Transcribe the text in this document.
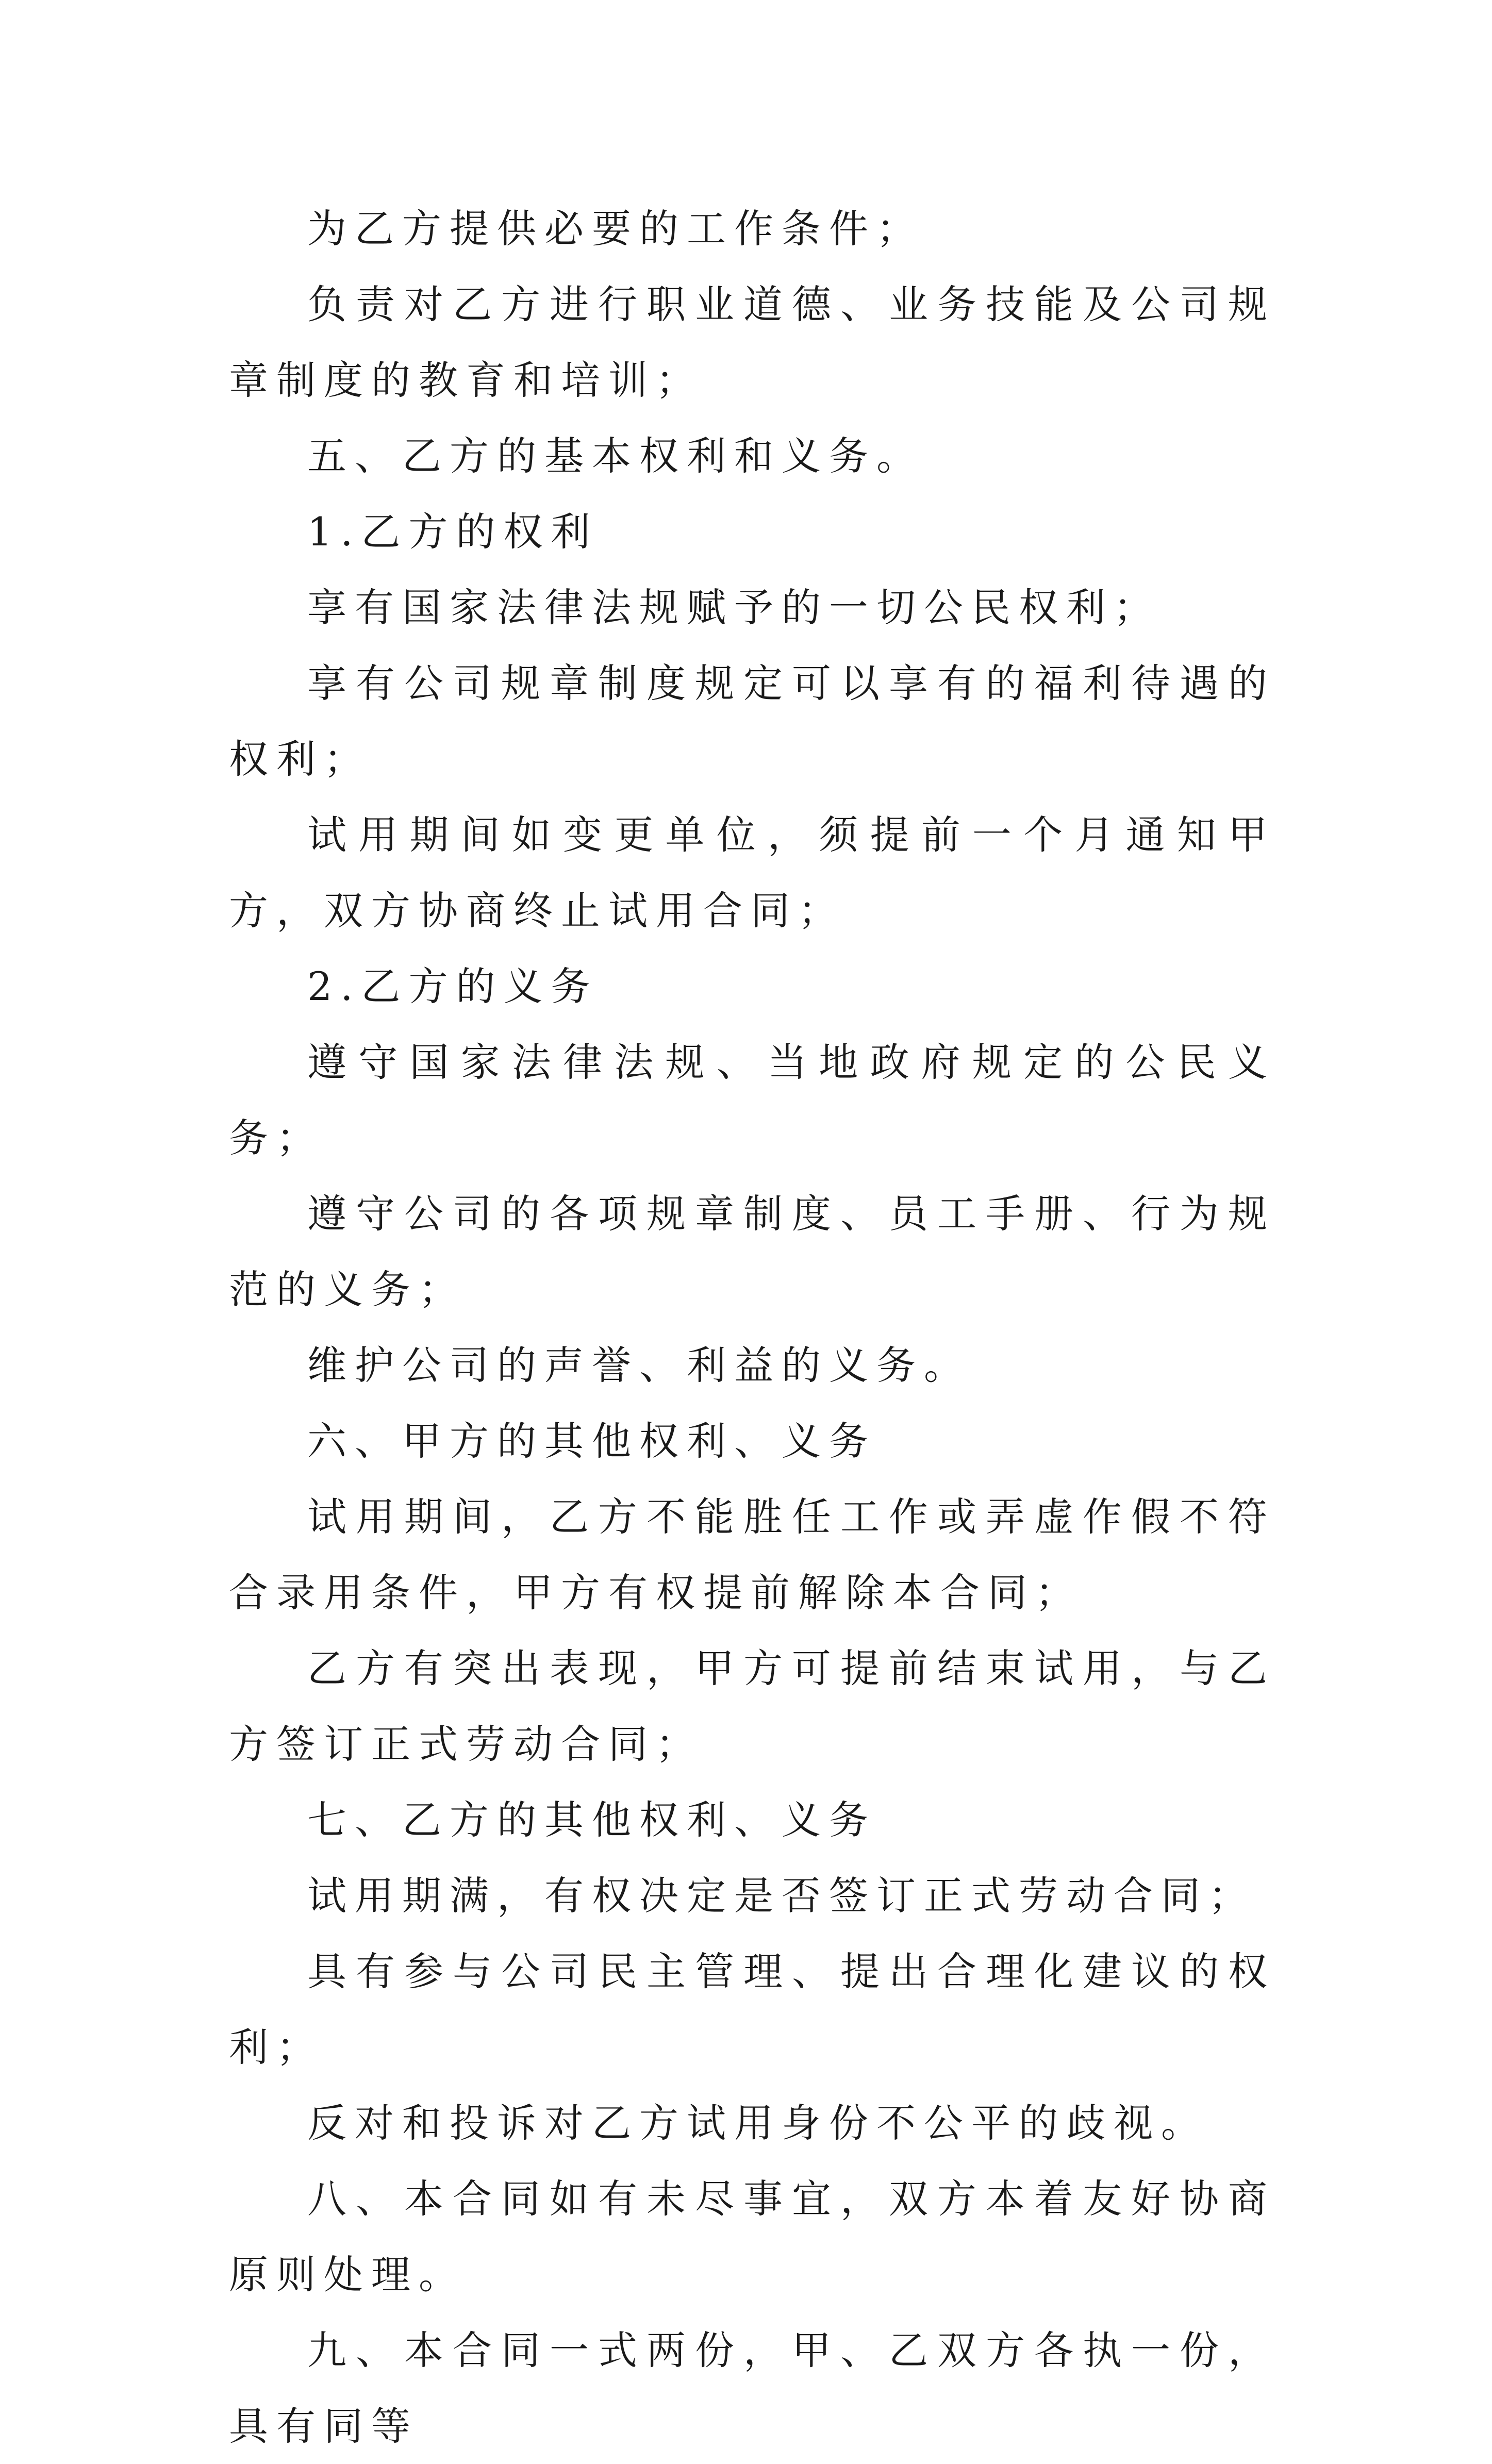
为乙方提供必要的工作条件；

负责对乙方进行职业道德、业务技能及公司规章制度的教育和培训；

五、乙方的基本权利和义务。

1.乙方的权利

享有国家法律法规赋予的一切公民权利；

享有公司规章制度规定可以享有的福利待遇的权利；

试用期间如变更单位，须提前一个月通知甲方，双方协商终止试用合同；

2.乙方的义务

遵守国家法律法规、当地政府规定的公民义务；

遵守公司的各项规章制度、员工手册、行为规范的义务；

维护公司的声誉、利益的义务。

六、甲方的其他权利、义务

试用期间，乙方不能胜任工作或弄虚作假不符合录用条件，甲方有权提前解除本合同；

乙方有突出表现，甲方可提前结束试用，与乙方签订正式劳动合同；

七、乙方的其他权利、义务

试用期满，有权决定是否签订正式劳动合同；

具有参与公司民主管理、提出合理化建议的权利；

反对和投诉对乙方试用身份不公平的歧视。

八、本合同如有未尽事宜，双方本着友好协商原则处理。

九、本合同一式两份，甲、乙双方各执一份，具有同等
